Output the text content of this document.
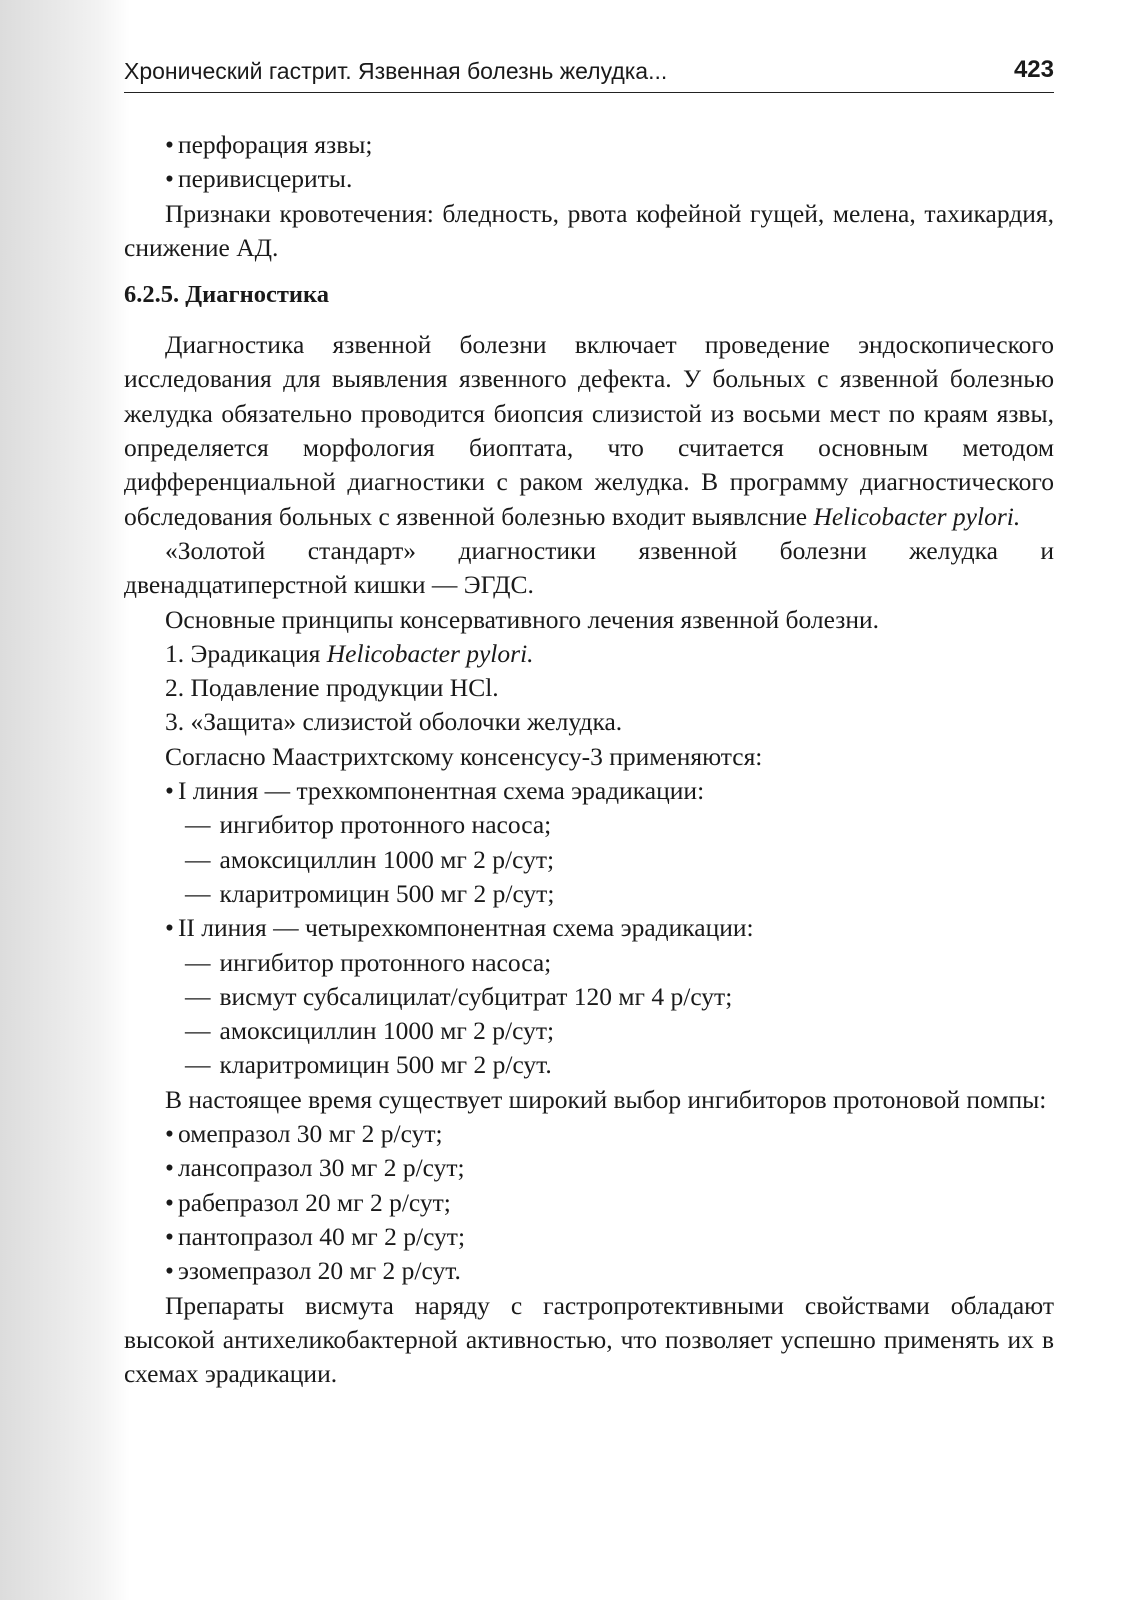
Хронический гастрит. Язвенная болезнь желудка...	423
• перфорация язвы;
• перивисцериты.

Признаки кровотечения: бледность, рвота кофейной гущей, мелена, тахикардия, снижение АД.

6.2.5. Диагностика

Диагностика язвенной болезни включает проведение эндоскопического исследования для выявления язвенного дефекта. У больных с язвенной болезнью желудка обязательно проводится биопсия слизистой из восьми мест по краям язвы, определяется морфология биоптата, что считается основным методом дифференциальной диагностики с раком желудка. В программу диагностического обследования больных с язвенной болезнью входит выявлсние Helicobacter pylori.

«Золотой стандарт» диагностики язвенной болезни желудка и двенадцатиперстной кишки — ЭГДС.

Основные принципы консервативного лечения язвенной болезни.

1. Эрадикация Helicobacter pylori.
2. Подавление продукции НСl.
3. «Защита» слизистой оболочки желудка.

Согласно Маастрихтскому консенсусу-3 применяются:

• I линия — трехкомпонентная схема эрадикации:
— ингибитор протонного насоса;
— амоксициллин 1000 мг 2 р/сут;
— кларитромицин 500 мг 2 р/сут;
• II линия — четырехкомпонентная схема эрадикации:
— ингибитор протонного насоса;
— висмут субсалицилат/субцитрат 120 мг 4 р/сут;
— амоксициллин 1000 мг 2 р/сут;
— кларитромицин 500 мг 2 р/сут.

В настоящее время существует широкий выбор ингибиторов протоновой помпы:

• омепразол 30 мг 2 р/сут;
• лансопразол 30 мг 2 р/сут;
• рабепразол 20 мг 2 р/сут;
• пантопразол 40 мг 2 р/сут;
• эзомепразол 20 мг 2 р/сут.

Препараты висмута наряду с гастропротективными свойствами обладают высокой антихеликобактерной активностью, что позволяет успешно применять их в схемах эрадикации.
